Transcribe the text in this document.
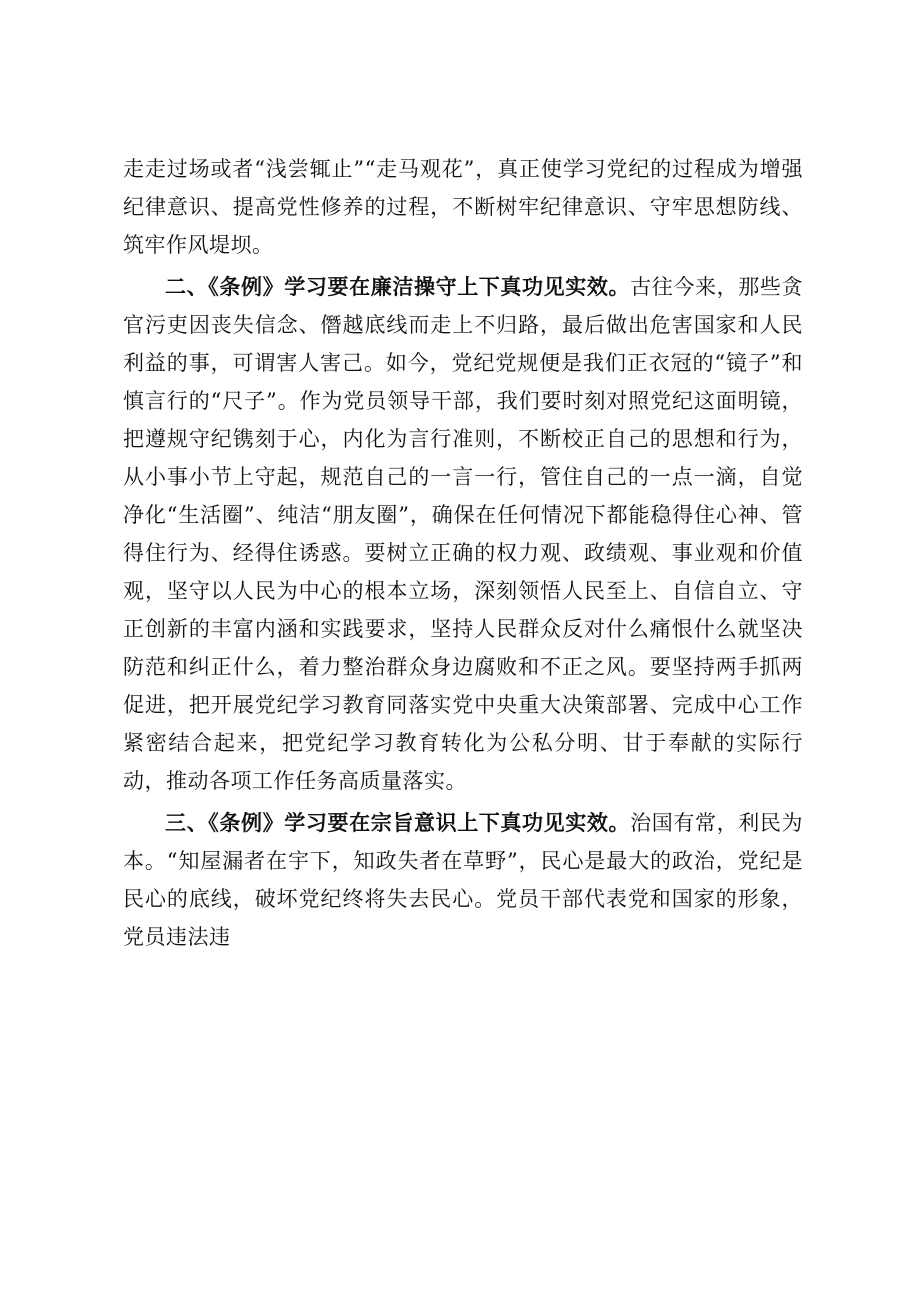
走走过场或者“浅尝辄止”“走马观花”，真正使学习党纪的过程成为增强纪律意识、提高党性修养的过程，不断树牢纪律意识、守牢思想防线、筑牢作风堤坝。

二、《条例》学习要在廉洁操守上下真功见实效。古往今来，那些贪官污吏因丧失信念、僭越底线而走上不归路，最后做出危害国家和人民利益的事，可谓害人害己。如今，党纪党规便是我们正衣冠的“镜子”和慎言行的“尺子”。作为党员领导干部，我们要时刻对照党纪这面明镜，把遵规守纪镌刻于心，内化为言行准则，不断校正自己的思想和行为，从小事小节上守起，规范自己的一言一行，管住自己的一点一滴，自觉净化“生活圈”、纯洁“朋友圈”，确保在任何情况下都能稳得住心神、管得住行为、经得住诱惑。要树立正确的权力观、政绩观、事业观和价值观，坚守以人民为中心的根本立场，深刻领悟人民至上、自信自立、守正创新的丰富内涵和实践要求，坚持人民群众反对什么痛恨什么就坚决防范和纠正什么，着力整治群众身边腐败和不正之风。要坚持两手抓两促进，把开展党纪学习教育同落实党中央重大决策部署、完成中心工作紧密结合起来，把党纪学习教育转化为公私分明、甘于奉献的实际行动，推动各项工作任务高质量落实。

三、《条例》学习要在宗旨意识上下真功见实效。治国有常，利民为本。“知屋漏者在宇下，知政失者在草野”，民心是最大的政治，党纪是民心的底线，破坏党纪终将失去民心。党员干部代表党和国家的形象，党员违法违
